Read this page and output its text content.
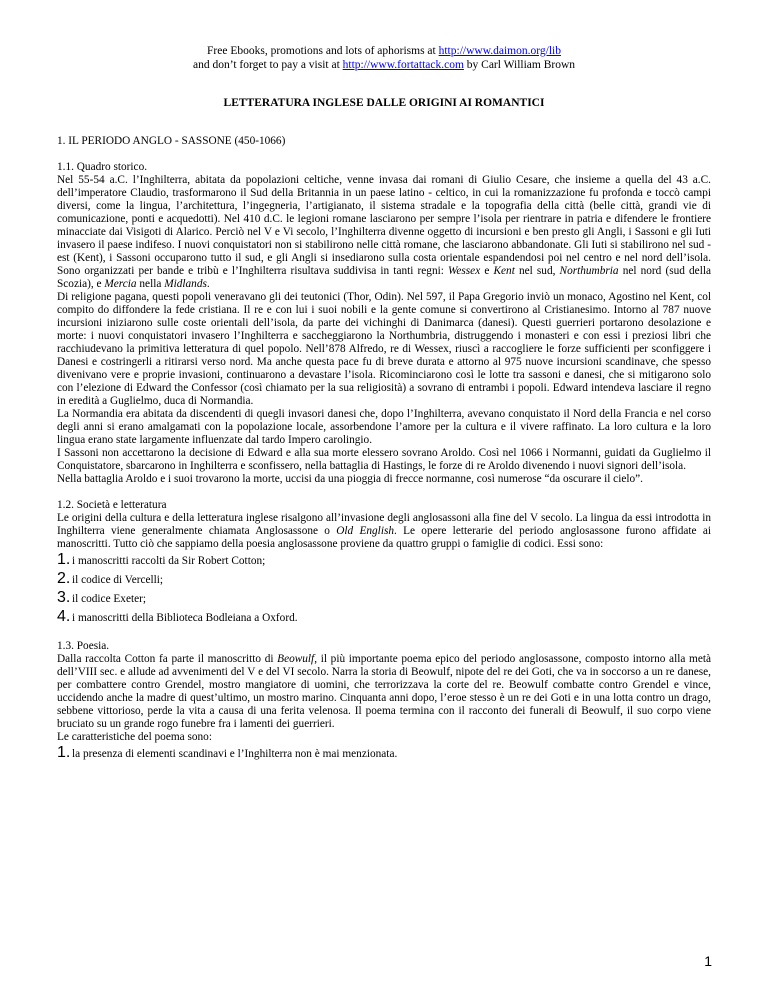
Free Ebooks, promotions and lots of aphorisms at http://www.daimon.org/lib
and don’t forget to pay a visit at http://www.fortattack.com by Carl William Brown
LETTERATURA INGLESE DALLE ORIGINI AI ROMANTICI
1. IL PERIODO ANGLO - SASSONE (450-1066)
1.1. Quadro storico.

Nel 55-54 a.C. l’Inghilterra, abitata da popolazioni celtiche, venne invasa dai romani di Giulio Cesare, che insieme a quella del 43 a.C. dell’imperatore Claudio, trasformarono il Sud della Britannia in un paese latino - celtico, in cui la romanizzazione fu profonda e toccò campi diversi, come la lingua, l’architettura, l’ingegneria, l’artigianato, il sistema stradale e la topografia della città (belle città, grandi vie di comunicazione, ponti e acquedotti). Nel 410 d.C. le legioni romane lasciarono per sempre l’isola per rientrare in patria e difendere le frontiere minacciate dai Visigoti di Alarico. Perciò nel V e Vi secolo, l’Inghilterra divenne oggetto di incursioni e ben presto gli Angli, i Sassoni e gli Iuti invasero il paese indifeso. I nuovi conquistatori non si stabilirono nelle città romane, che lasciarono abbandonate. Gli Iuti si stabilirono nel sud - est (Kent), i Sassoni occuparono tutto il sud, e gli Angli si insediarono sulla costa orientale espandendosi poi nel centro e nel nord dell’isola. Sono organizzati per bande e tribù e l’Inghilterra risultava suddivisa in tanti regni: Wessex e Kent nel sud, Northumbria nel nord (sud della Scozia), e Mercia nella Midlands.

Di religione pagana, questi popoli veneravano gli dei teutonici (Thor, Odin). Nel 597, il Papa Gregorio inviò un monaco, Agostino nel Kent, col compito do diffondere la fede cristiana. Il re e con lui i suoi nobili e la gente comune si convertirono al Cristianesimo. Intorno al 787 nuove incursioni iniziarono sulle coste orientali dell’isola, da parte dei vichinghi di Danimarca (danesi). Questi guerrieri portarono desolazione e morte: i nuovi conquistatori invasero l’Inghilterra e saccheggiarono la Northumbria, distruggendo i monasteri e con essi i preziosi libri che racchiudevano la primitiva letteratura di quel popolo. Nell’878 Alfredo, re di Wessex, riuscì a raccogliere le forze sufficienti per sconfiggere i Danesi e costringerli a ritirarsi verso nord. Ma anche questa pace fu di breve durata e attorno al 975 nuove incursioni scandinave, che spesso divenivano vere e proprie invasioni, continuarono a devastare l’isola. Ricominciarono così le lotte tra sassoni e danesi, che si mitigarono solo con l’elezione di Edward the Confessor (così chiamato per la sua religiosità) a sovrano di entrambi i popoli. Edward intendeva lasciare il regno in eredità a Guglielmo, duca di Normandia.

La Normandia era abitata da discendenti di quegli invasori danesi che, dopo l’Inghilterra, avevano conquistato il Nord della Francia e nel corso degli anni si erano amalgamati con la popolazione locale, assorbendone l’amore per la cultura e il vivere raffinato. La loro cultura e la loro lingua erano state largamente influenzate dal tardo Impero carolingio.

I Sassoni non accettarono la decisione di Edward e alla sua morte elessero sovrano Aroldo. Così nel 1066 i Normanni, guidati da Guglielmo il Conquistatore, sbarcarono in Inghilterra e sconfissero, nella battaglia di Hastings, le forze di re Aroldo divenendo i nuovi signori dell’isola.

Nella battaglia Aroldo e i suoi trovarono la morte, uccisi da una pioggia di frecce normanne, così numerose “da oscurare il cielo”.

1.2. Società e letteratura

Le origini della cultura e della letteratura inglese risalgono all’invasione degli anglosassoni alla fine del V secolo. La lingua da essi introdotta in Inghilterra viene generalmente chiamata Anglosassone o Old English. Le opere letterarie del periodo anglosassone furono affidate ai manoscritti. Tutto ciò che sappiamo della poesia anglosassone proviene da quattro gruppi o famiglie di codici. Essi sono:

1. i manoscritti raccolti da Sir Robert Cotton;
2. il codice di Vercelli;
3. il codice Exeter;
4. i manoscritti della Biblioteca Bodleiana a Oxford.
1.3. Poesia.

Dalla raccolta Cotton fa parte il manoscritto di Beowulf, il più importante poema epico del periodo anglosassone, composto intorno alla metà dell’VIII sec. e allude ad avvenimenti del V e del VI secolo. Narra la storia di Beowulf, nipote del re dei Goti, che va in soccorso a un re danese, per combattere contro Grendel, mostro mangiatore di uomini, che terrorizzava la corte del re. Beowulf combatte contro Grendel e vince, uccidendo anche la madre di quest’ultimo, un mostro marino. Cinquanta anni dopo, l’eroe stesso è un re dei Goti e in una lotta contro un drago, sebbene vittorioso, perde la vita a causa di una ferita velenosa. Il poema termina con il racconto dei funerali di Beowulf, il suo corpo viene bruciato su un grande rogo funebre fra i lamenti dei guerrieri.

Le caratteristiche del poema sono:

1. la presenza di elementi scandinavi e l’Inghilterra non è mai menzionata.
1
